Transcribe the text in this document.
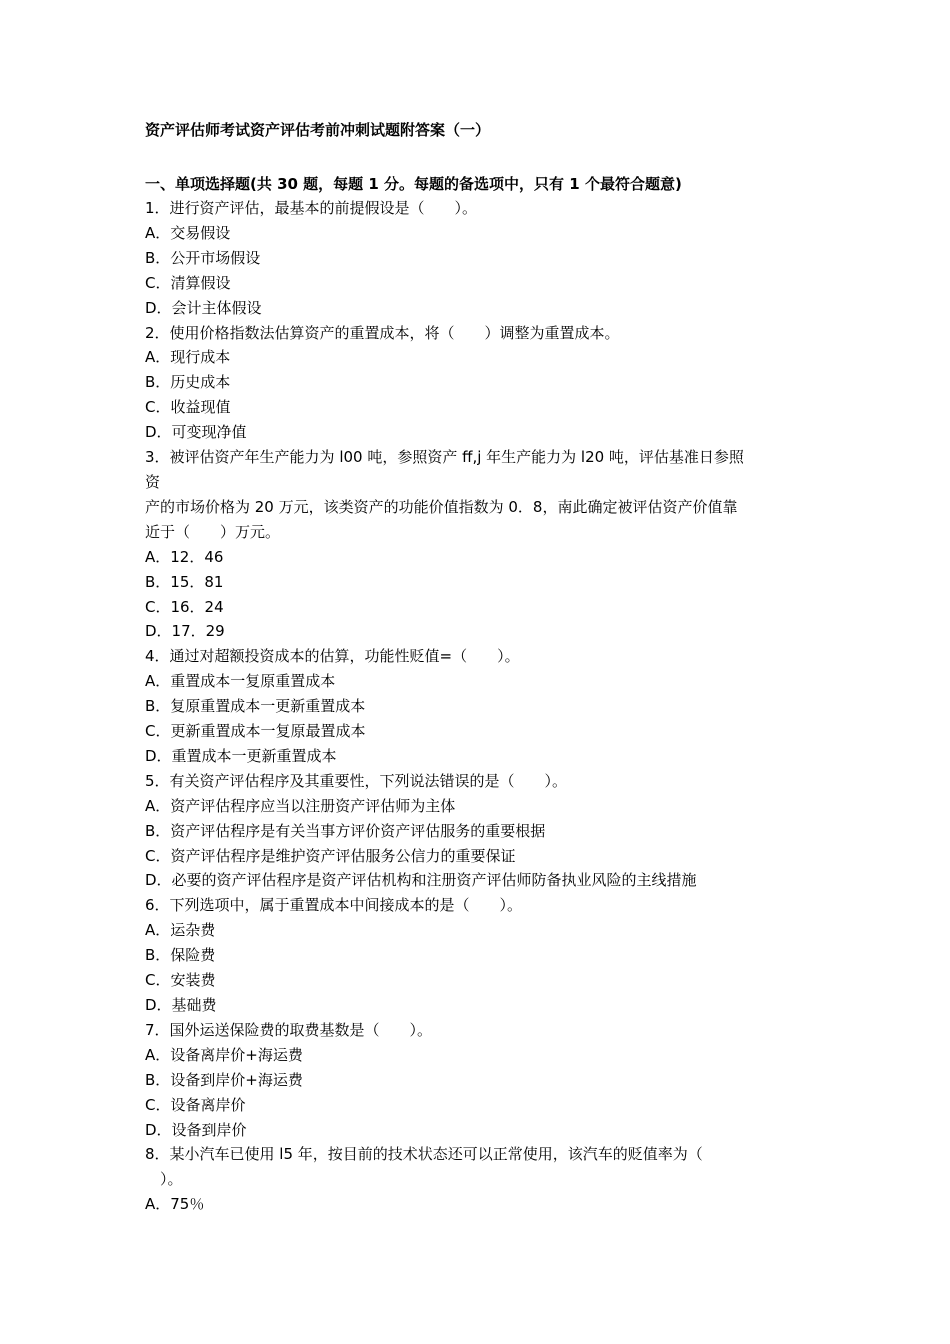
资产评估师考试资产评估考前冲刺试题附答案（一）
一、单项选择题(共 30 题，每题 1 分。每题的备选项中，只有 1 个最符合题意)
1．进行资产评估，最基本的前提假设是（　　）。
A．交易假设
B．公开市场假设
C．清算假设
D．会计主体假设
2．使用价格指数法估算资产的重置成本，将（　　）调整为重置成本。
A．现行成本
B．历史成本
C．收益现值
D．可变现净值
3．被评估资产年生产能力为 l00 吨，参照资产 ff,j 年生产能力为 l20 吨，评估基准日参照
资
产的市场价格为 20 万元，该类资产的功能价值指数为 0．8，南此确定被评估资产价值靠
近于（　　）万元。
A．12．46
B．15．81
C．16．24
D．17．29
4．通过对超额投资成本的估算，功能性贬值=（　　）。
A．重置成本一复原重置成本
B．复原重置成本一更新重置成本
C．更新重置成本一复原最置成本
D．重置成本一更新重置成本
5．有关资产评估程序及其重要性，下列说法错误的是（　　）。
A．资产评估程序应当以注册资产评估师为主体
B．资产评估程序是有关当事方评价资产评估服务的重要根据
C．资产评估程序是维护资产评估服务公信力的重要保证
D．必要的资产评估程序是资产评估机构和注册资产评估师防备执业风险的主线措施
6．下列选项中，属于重置成本中间接成本的是（　　）。
A．运杂费
B．保险费
C．安装费
D．基础费
7．国外运送保险费的取费基数是（　　）。
A．设备离岸价+海运费
B．设备到岸价+海运费
C．设备离岸价
D．设备到岸价
8．某小汽车已使用 l5 年，按目前的技术状态还可以正常使用，该汽车的贬值率为（
　）。
A．75％
